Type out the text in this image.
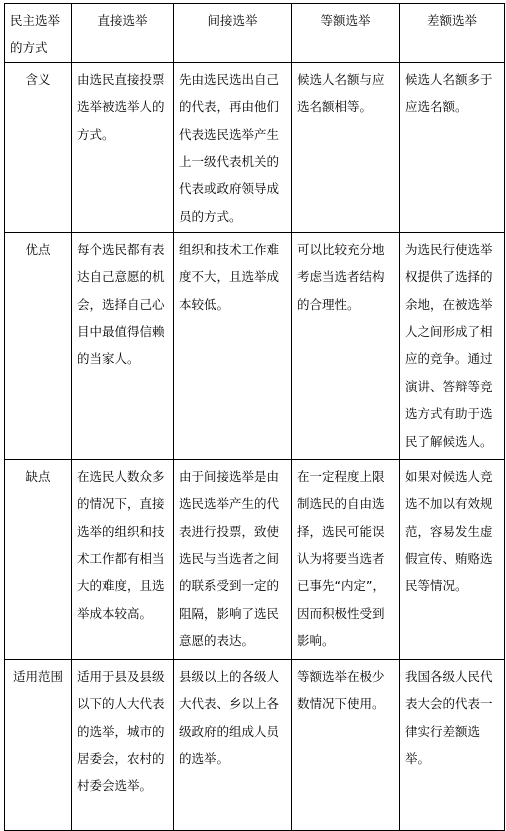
民主选举的方式	直接选举	间接选举	等额选举	差额选举
含义	由选民直接投票选举被选举人的方式。	先由选民选出自己的代表，再由他们代表选民选举产生上一级代表机关的代表或政府领导成员的方式。	候选人名额与应选名额相等。	候选人名额多于应选名额。
优点	每个选民都有表达自己意愿的机会，选择自己心目中最值得信赖的当家人。	组织和技术工作难度不大，且选举成本较低。	可以比较充分地考虑当选者结构的合理性。	为选民行使选举权提供了选择的余地，在被选举人之间形成了相应的竞争。通过演讲、答辩等竞选方式有助于选民了解候选人。
缺点	在选民人数众多的情况下，直接选举的组织和技术工作都有相当大的难度，且选举成本较高。	由于间接选举是由选民选举产生的代表进行投票，致使选民与当选者之间的联系受到一定的阻隔，影响了选民意愿的表达。	在一定程度上限制选民的自由选择，选民可能误认为将要当选者已事先“内定”，因而积极性受到影响。	如果对候选人竞选不加以有效规范，容易发生虚假宣传、贿赂选民等情况。
适用范围	适用于县及县级以下的人大代表的选举，城市的居委会，农村的村委会选举。	县级以上的各级人大代表、乡以上各级政府的组成人员的选举。	等额选举在极少数情况下使用。	我国各级人民代表大会的代表一律实行差额选举。
